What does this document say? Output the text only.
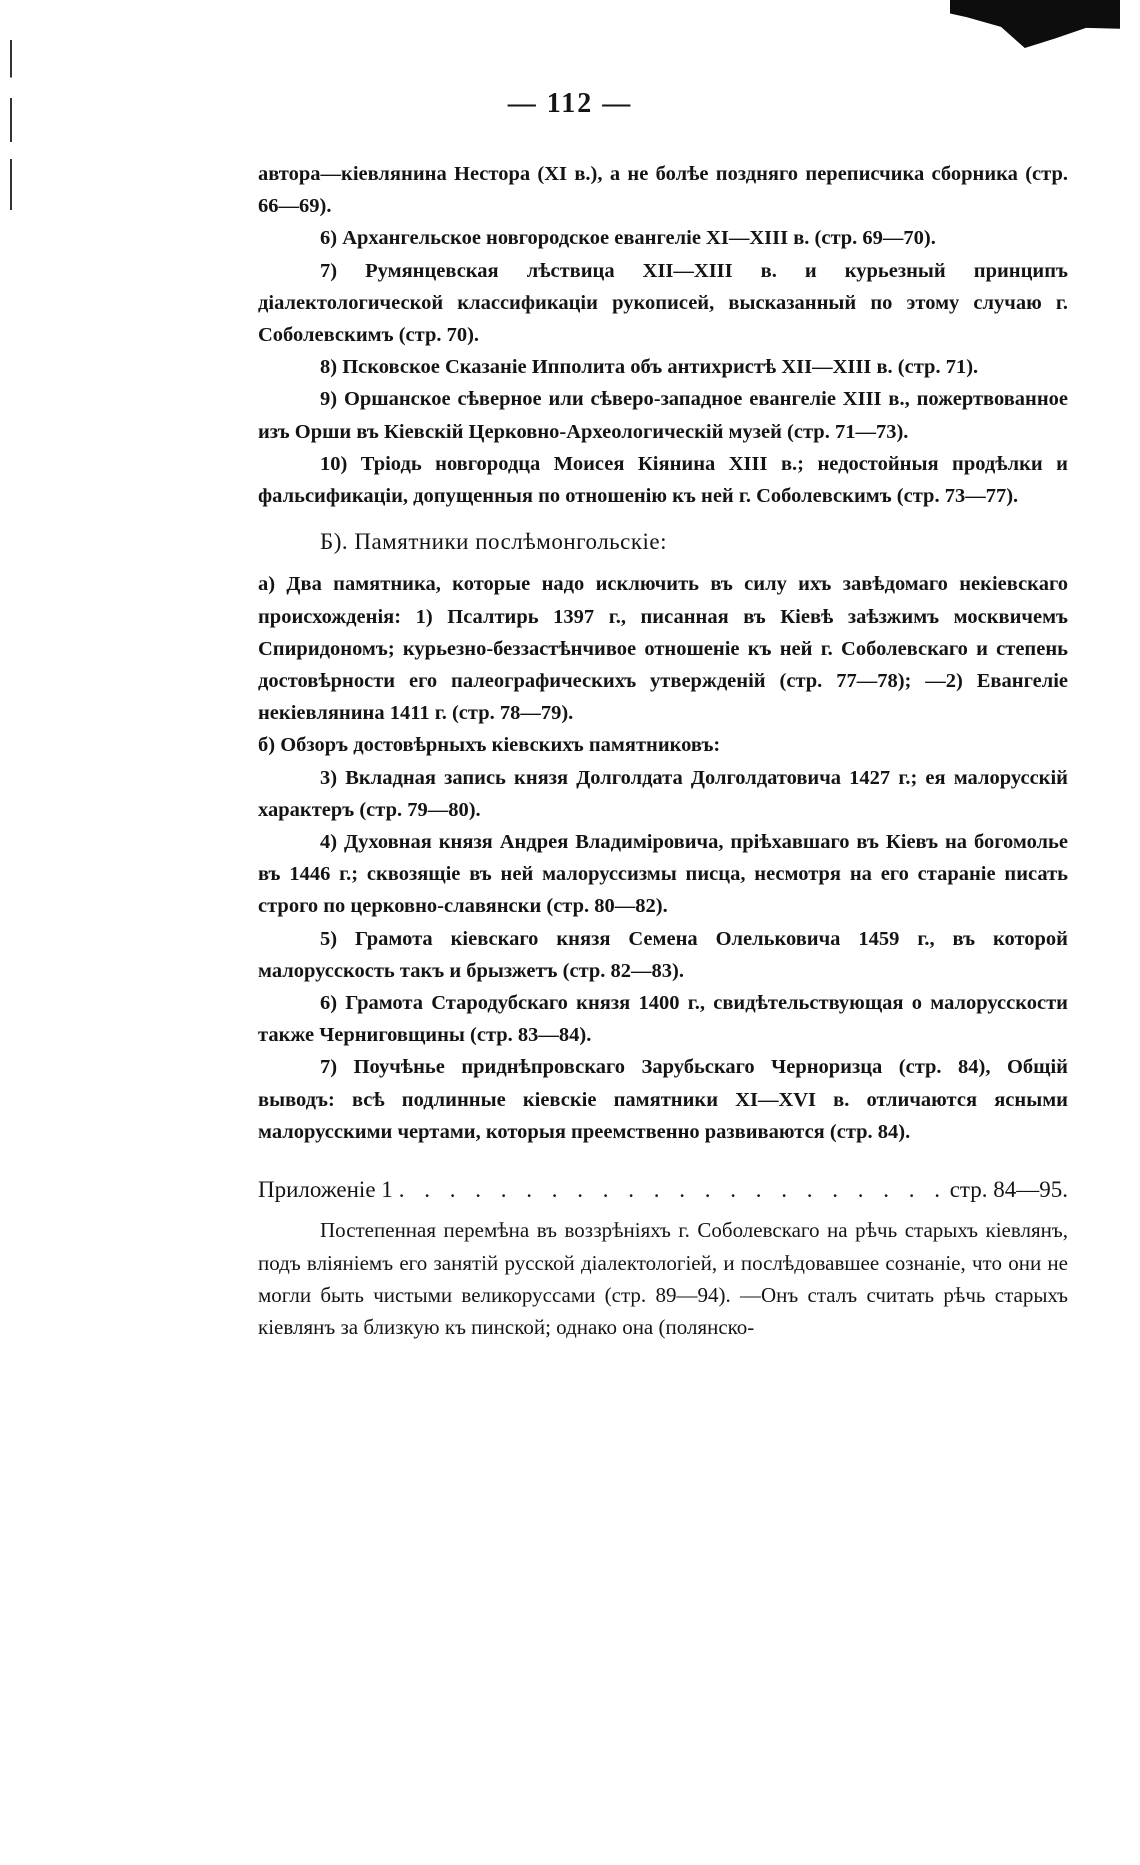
— 112 —

автора—кіевлянина Нестора (XI в.), а не болѣе поздняго переписчика сборника (стр. 66—69).

6) Архангельское новгородское евангеліе XI—XIII в. (стр. 69—70).

7) Румянцевская лѣствица XII—XIII в. и курьезный принципъ діалектологической классификаціи рукописей, высказанный по этому случаю г. Соболевскимъ (стр. 70).

8) Псковское Сказаніе Ипполита объ антихристѣ XII—XIII в. (стр. 71).

9) Оршанское сѣверное или сѣверо-западное евангеліе XIII в., пожертвованное изъ Орши въ Кіевскій Церковно-Археологическій музей (стр. 71—73).

10) Тріодь новгородца Моисея Кіянина XIII в.; недостойныя продѣлки и фальсификаціи, допущенныя по отношенію къ ней г. Соболевскимъ (стр. 73—77).

Б). Памятники послѣмонгольскіе:

а) Два памятника, которые надо исключить въ силу ихъ завѣдомаго некіевскаго происхожденія: 1) Псалтирь 1397 г., писанная въ Кіевѣ заѣзжимъ москвичемъ Спиридономъ; курьезно-беззастѣнчивое отношеніе къ ней г. Соболевскаго и степень достовѣрности его палеографическихъ утвержденій (стр. 77—78); —2) Евангеліе некіевлянина 1411 г. (стр. 78—79).

б) Обзоръ достовѣрныхъ кіевскихъ памятниковъ:

3) Вкладная запись князя Долголдата Долголдатовича 1427 г.; ея малорусскій характеръ (стр. 79—80).

4) Духовная князя Андрея Владиміровича, пріѣхавшаго въ Кіевъ на богомолье въ 1446 г.; сквозящіе въ ней малоруссизмы писца, несмотря на его стараніе писать строго по церковно-славянски (стр. 80—82).

5) Грамота кіевскаго князя Семена Олельковича 1459 г., въ которой малорусскость такъ и брызжетъ (стр. 82—83).

6) Грамота Стародубскаго князя 1400 г., свидѣтельствующая о малорусскости также Черниговщины (стр. 83—84).

7) Поучѣнье приднѣпровскаго Зарубьскаго Черноризца (стр. 84), Общій выводъ: всѣ подлинные кіевскіе памятники XI—XVI в. отличаются ясными малорусскими чертами, которыя преемственно развиваются (стр. 84).

Приложеніе 1 . . .	стр. 84—95.

Постепенная перемѣна въ воззрѣніяхъ г. Соболевскаго на рѣчь старыхъ кіевлянъ, подъ вліяніемъ его занятій русской діалектологіей, и послѣдовавшее сознаніе, что они не могли быть чистыми великоруссами (стр. 89—94). —Онъ сталъ считать рѣчь старыхъ кіевлянъ за близкую къ пинской; однако она (полянско-
